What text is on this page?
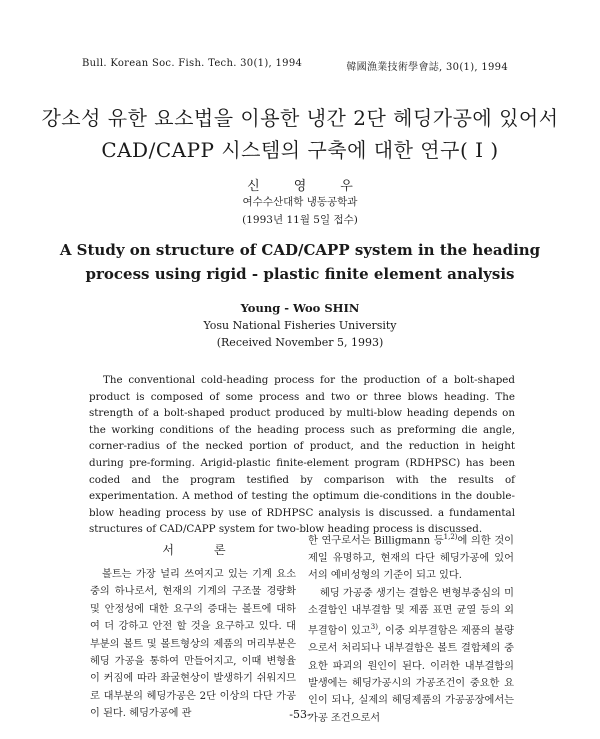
Bull. Korean Soc. Fish. Tech. 30(1), 1994	韓國漁業技術學會誌, 30(1), 1994
강소성 유한 요소법을 이용한 냉간 2단 헤딩가공에 있어서
CAD/CAPP 시스템의 구축에 대한 연구( I )
신영우
여수수산대학 냉동공학과
(1993년 11월 5일 접수)
A Study on structure of CAD/CAPP system in the heading
process using rigid - plastic finite element analysis
Young - Woo SHIN
Yosu National Fisheries University
(Received November 5, 1993)

The conventional cold-heading process for the production of a bolt-shaped product is composed of some process and two or three blows heading. The strength of a bolt-shaped product produced by multi-blow heading depends on the working conditions of the heading process such as preforming die angle, corner-radius of the necked portion of product, and the reduction in height during pre-forming. Arigid-plastic finite-element program (RDHPSC) has been coded and the program testified by comparison with the results of experimentation. A method of testing the optimum die-conditions in the double-blow heading process by use of RDHPSC analysis is discussed. a fundamental structures of CAD/CAPP system for two-blow heading process is discussed.

서론

볼트는 가장 널리 쓰여지고 있는 기계 요소중의 하나로서, 현재의 기계의 구조물 경량화 및 안정성에 대한 요구의 증대는 볼트에 대하여 더 강하고 안전 할 것을 요구하고 있다. 대부분의 볼트 및 볼트형상의 제품의 머리부분은 헤딩 가공을 통하여 만들어지고, 이때 변형율이 커짐에 따라 좌굴현상이 발생하기 쉬워지므로 대부분의 헤딩가공은 2단 이상의 다단 가공이 된다. 헤딩가공에 관

한 연구로서는 Billigmann 등$^{1,2)}$에 의한 것이 제일 유명하고, 현재의 다단 헤딩가공에 있어서의 예비성형의 기준이 되고 있다.

헤딩 가공중 생기는 결함은 변형부중심의 미소결함인 내부결함 및 제품 표면 균열 등의 외부결함이 있고$^{3)}$, 이중 외부결함은 제품의 불량으로서 처리되나 내부결함은 볼트 결합체의 중요한 파괴의 원인이 된다. 이러한 내부결함의 발생에는 헤딩가공시의 가공조건이 중요한 요인이 되나, 실제의 헤딩제품의 가공공장에서는 가공 조건으로서

-53-
